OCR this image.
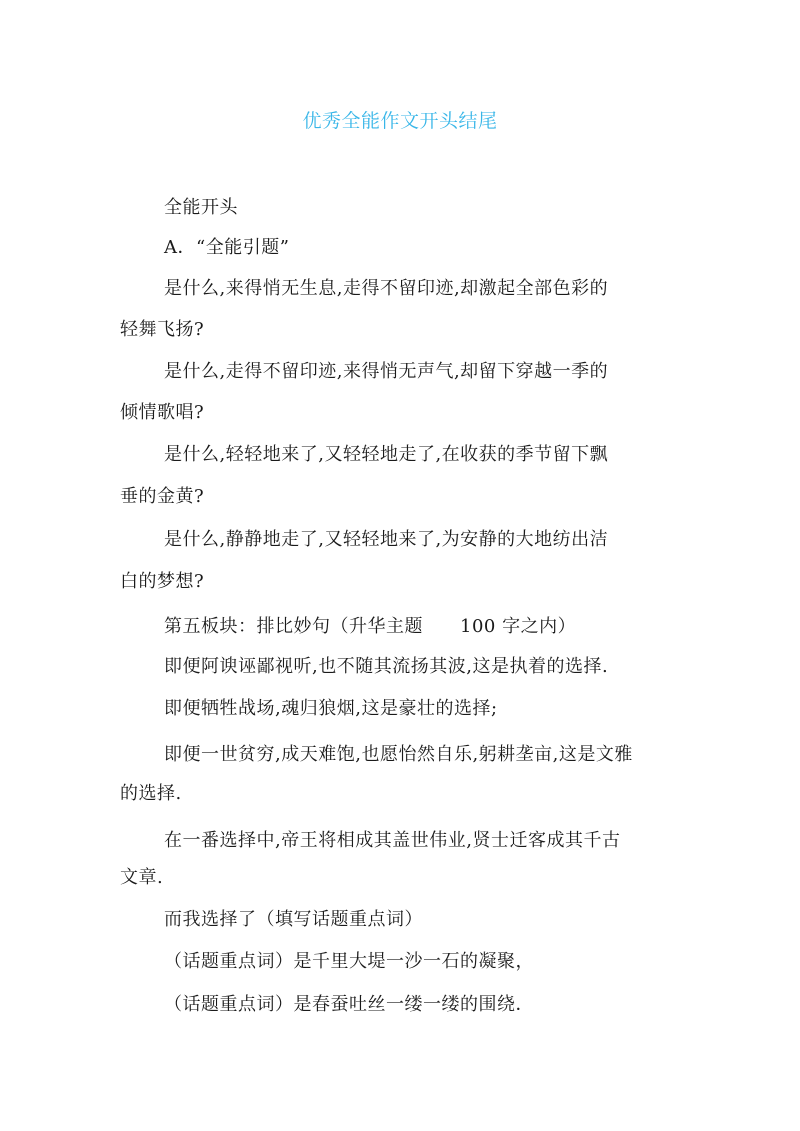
优秀全能作文开头结尾
全能开头
A．“全能引题”
是什么,来得悄无生息,走得不留印迹,却激起全部色彩的
轻舞飞扬?
是什么,走得不留印迹,来得悄无声气,却留下穿越一季的
倾情歌唱?
是什么,轻轻地来了,又轻轻地走了,在收获的季节留下飘
垂的金黄?
是什么,静静地走了,又轻轻地来了,为安静的大地纺出洁
白的梦想?
第五板块：排比妙句（升华主题　　100 字之内）
即便阿谀诬鄙视听,也不随其流扬其波,这是执着的选择.
即便牺牲战场,魂归狼烟,这是豪壮的选择;
即便一世贫穷,成天难饱,也愿怡然自乐,躬耕垄亩,这是文雅
的选择.
在一番选择中,帝王将相成其盖世伟业,贤士迁客成其千古
文章.
而我选择了（填写话题重点词）
（话题重点词）是千里大堤一沙一石的凝聚，
（话题重点词）是春蚕吐丝一缕一缕的围绕．
